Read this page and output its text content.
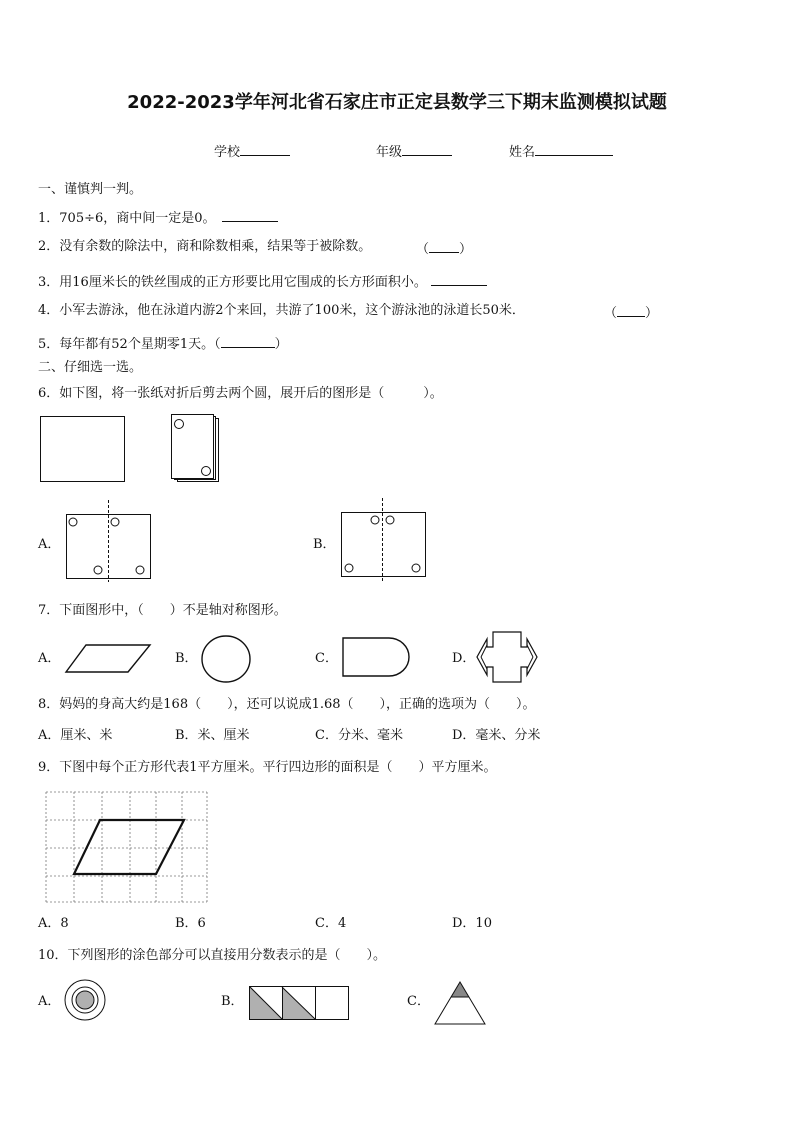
2022-2023学年河北省石家庄市正定县数学三下期末监测模拟试题
学校	年级	姓名
一、谨慎判一判。
1．705÷6，商中间一定是0。
2．没有余数的除法中，商和除数相乘，结果等于被除数。	（ ）
3．用16厘米长的铁丝围成的正方形要比用它围成的长方形面积小。
4．小军去游泳，他在泳道内游2个来回，共游了100米，这个游泳池的泳道长50米．	（ ）
5．每年都有52个星期零1天。（	）
二、仔细选一选。
6．如下图，将一张纸对折后剪去两个圆，展开后的图形是（　　　）。
A．	B．
7．下面图形中，（　　）不是轴对称图形。
A．	B．	C．	D．
8．妈妈的身高大约是168（　　），还可以说成1.68（　　），正确的选项为（　　）。
A．厘米、米	B．米、厘米	C．分米、毫米	D．毫米、分米
9．下图中每个正方形代表1平方厘米。平行四边形的面积是（　　）平方厘米。
A．8	B．6	C．4	D．10
10．下列图形的涂色部分可以直接用分数表示的是（　　）。
A．	B．	C．
